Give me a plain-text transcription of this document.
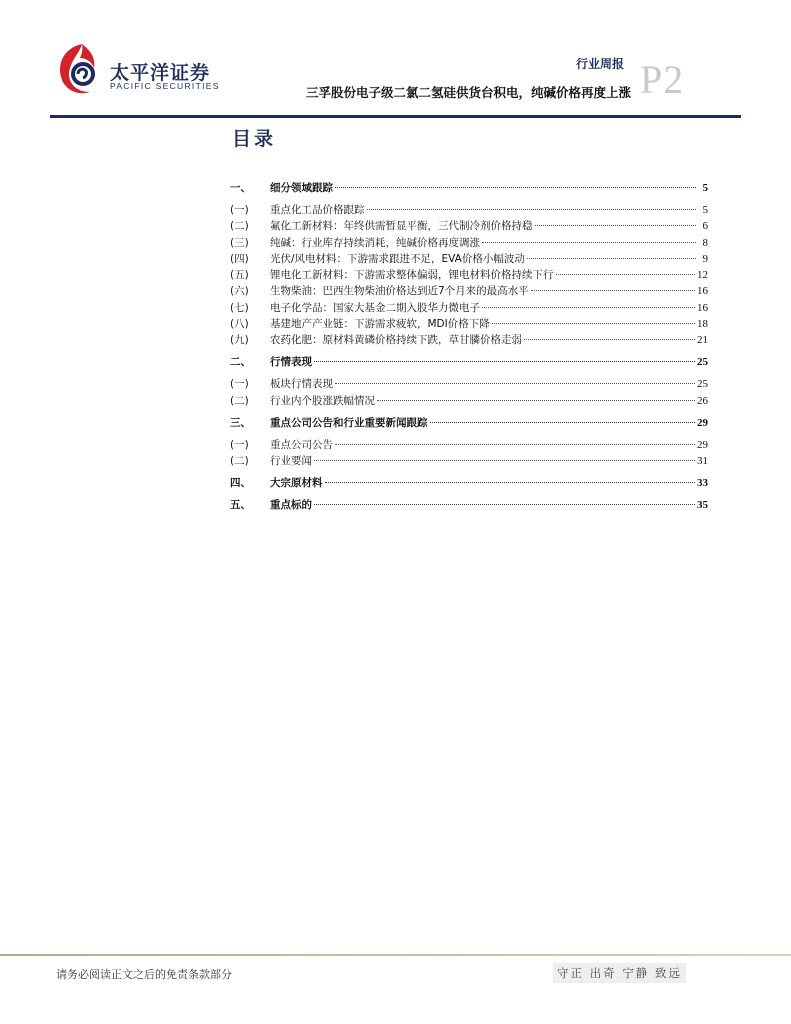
太平洋证券
PACIFIC SECURITIES
行业周报
三孚股份电子级二氯二氢硅供货台积电，纯碱价格再度上涨 P2
目录
一、	细分领域跟踪	5
(一)	重点化工品价格跟踪	5
(二)	氟化工新材料：年终供需暂显平衡，三代制冷剂价格持稳	6
(三)	纯碱：行业库存持续消耗，纯碱价格再度调涨	8
(四)	光伏/风电材料：下游需求跟进不足，EVA价格小幅波动	9
(五)	锂电化工新材料：下游需求整体偏弱，锂电材料价格持续下行	12
(六)	生物柴油：巴西生物柴油价格达到近7个月来的最高水平	16
(七)	电子化学品：国家大基金二期入股华力微电子	16
(八)	基建地产产业链：下游需求疲软，MDI价格下降	18
(九)	农药化肥：原材料黄磷价格持续下跌，草甘膦价格走弱	21
二、	行情表现	25
(一)	板块行情表现	25
(二)	行业内个股涨跌幅情况	26
三、	重点公司公告和行业重要新闻跟踪	29
(一)	重点公司公告	29
(二)	行业要闻	31
四、	大宗原材料	33
五、	重点标的	35
请务必阅读正文之后的免责条款部分	守正 出奇 宁静 致远
